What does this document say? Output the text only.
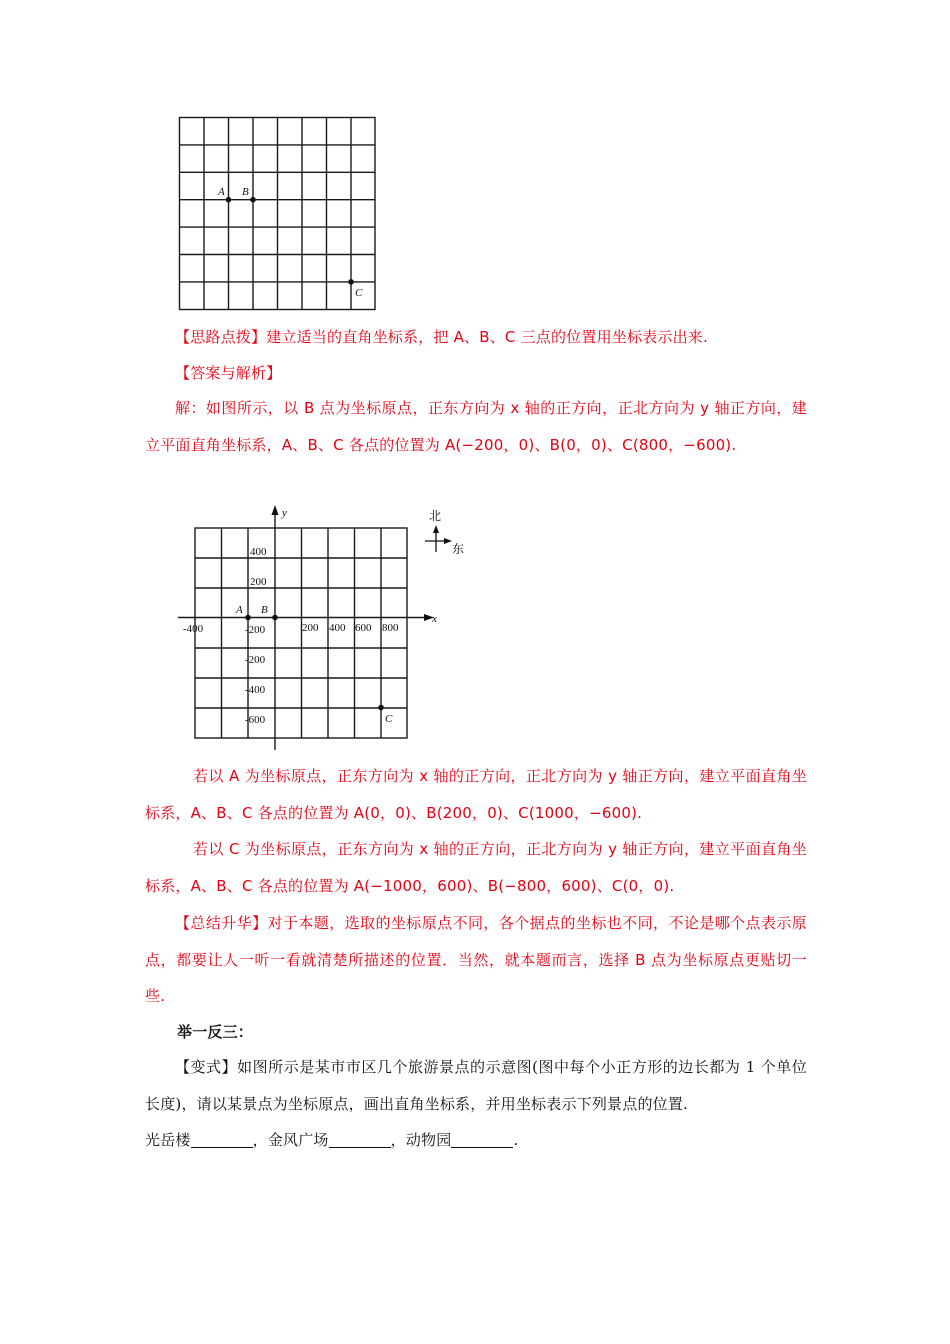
A B
C
【思路点拨】建立适当的直角坐标系，把 A、B、C 三点的位置用坐标表示出来.
【答案与解析】
解：如图所示，以 B 点为坐标原点，正东方向为 x 轴的正方向，正北方向为 y 轴正方向，建立平面直角坐标系，A、B、C 各点的位置为 A(−200，0)、B(0，0)、C(800，−600).
x
y
A B
C
-400	200 400 600 800
400
200
-200
-200
-400
-600
北
东
若以 A 为坐标原点，正东方向为 x 轴的正方向，正北方向为 y 轴正方向，建立平面直角坐标系，A、B、C 各点的位置为 A(0，0)、B(200，0)、C(1000，−600).
若以 C 为坐标原点，正东方向为 x 轴的正方向，正北方向为 y 轴正方向，建立平面直角坐标系，A、B、C 各点的位置为 A(−1000，600)、B(−800，600)、C(0，0).
【总结升华】对于本题，选取的坐标原点不同，各个据点的坐标也不同，不论是哪个点表示原点，都要让人一听一看就清楚所描述的位置．当然，就本题而言，选择 B 点为坐标原点更贴切一些.
举一反三：
【变式】如图所示是某市市区几个旅游景点的示意图(图中每个小正方形的边长都为 1 个单位长度)，请以某景点为坐标原点，画出直角坐标系，并用坐标表示下列景点的位置.
光岳楼	，金风广场	，动物园	.
